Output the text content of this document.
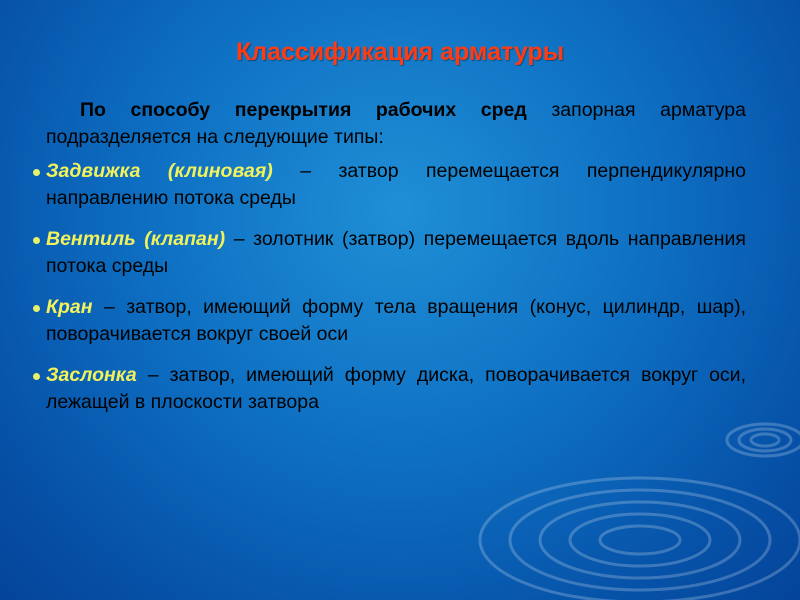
Классификация арматуры

По способу перекрытия рабочих сред запорная арматура подразделяется на следующие типы:

Задвижка (клиновая) – затвор перемещается перпендикулярно направлению потока среды
Вентиль (клапан) – золотник (затвор) перемещается вдоль направления потока среды
Кран – затвор, имеющий форму тела вращения (конус, цилиндр, шар), поворачивается вокруг своей оси
Заслонка – затвор, имеющий форму диска, поворачивается вокруг оси, лежащей в плоскости затвора
